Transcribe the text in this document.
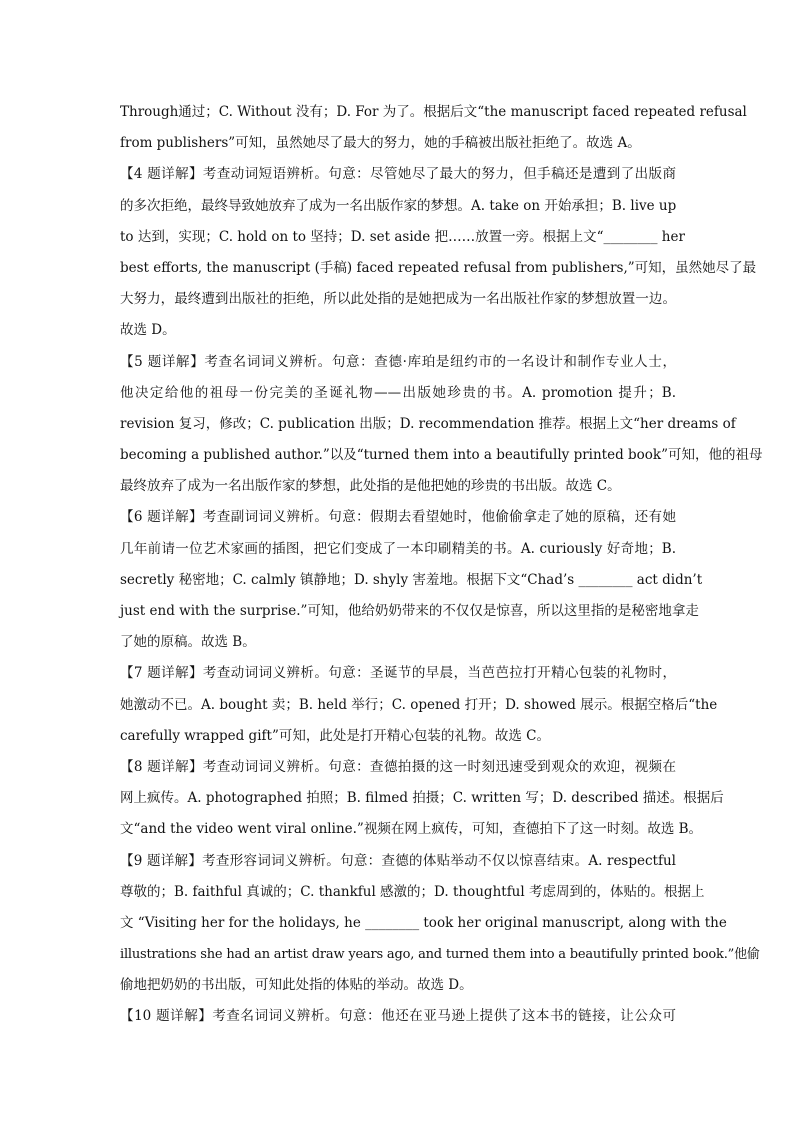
Through通过；C. Without 没有；D. For 为了。根据后文“the manuscript faced repeated refusal
from publishers”可知，虽然她尽了最大的努力，她的手稿被出版社拒绝了。故选 A。
【4 题详解】考查动词短语辨析。句意：尽管她尽了最大的努力，但手稿还是遭到了出版商
的多次拒绝，最终导致她放弃了成为一名出版作家的梦想。A. take on 开始承担；B. live up
to 达到，实现；C. hold on to 坚持；D. set aside 把……放置一旁。根据上文“________ her
best efforts, the manuscript (手稿) faced repeated refusal from publishers,”可知，虽然她尽了最
大努力，最终遭到出版社的拒绝，所以此处指的是她把成为一名出版社作家的梦想放置一边。
故选 D。
【5 题详解】考查名词词义辨析。句意：查德·库珀是纽约市的一名设计和制作专业人士，
他决定给他的祖母一份完美的圣诞礼物——出版她珍贵的书。A. promotion 提升；B.
revision 复习，修改；C. publication 出版；D. recommendation 推荐。根据上文“her dreams of
becoming a published author.”以及“turned them into a beautifully printed book”可知，他的祖母
最终放弃了成为一名出版作家的梦想，此处指的是他把她的珍贵的书出版。故选 C。
【6 题详解】考查副词词义辨析。句意：假期去看望她时，他偷偷拿走了她的原稿，还有她
几年前请一位艺术家画的插图，把它们变成了一本印刷精美的书。A. curiously 好奇地；B.
secretly 秘密地；C. calmly 镇静地；D. shyly 害羞地。根据下文“Chad’s ________ act didn’t
just end with the surprise.”可知，他给奶奶带来的不仅仅是惊喜，所以这里指的是秘密地拿走
了她的原稿。故选 B。
【7 题详解】考查动词词义辨析。句意：圣诞节的早晨，当芭芭拉打开精心包装的礼物时，
她激动不已。A. bought 卖；B. held 举行；C. opened 打开；D. showed 展示。根据空格后“the
carefully wrapped gift”可知，此处是打开精心包装的礼物。故选 C。
【8 题详解】考查动词词义辨析。句意：查德拍摄的这一时刻迅速受到观众的欢迎，视频在
网上疯传。A. photographed 拍照；B. filmed 拍摄；C. written 写；D. described 描述。根据后
文“and the video went viral online.”视频在网上疯传，可知，查德拍下了这一时刻。故选 B。
【9 题详解】考查形容词词义辨析。句意：查德的体贴举动不仅以惊喜结束。A. respectful
尊敬的；B. faithful 真诚的；C. thankful 感激的；D. thoughtful 考虑周到的，体贴的。根据上
文 “Visiting her for the holidays, he ________ took her original manuscript, along with the
illustrations she had an artist draw years ago, and turned them into a beautifully printed book.”他偷
偷地把奶奶的书出版，可知此处指的体贴的举动。故选 D。
【10 题详解】考查名词词义辨析。句意：他还在亚马逊上提供了这本书的链接，让公众可
